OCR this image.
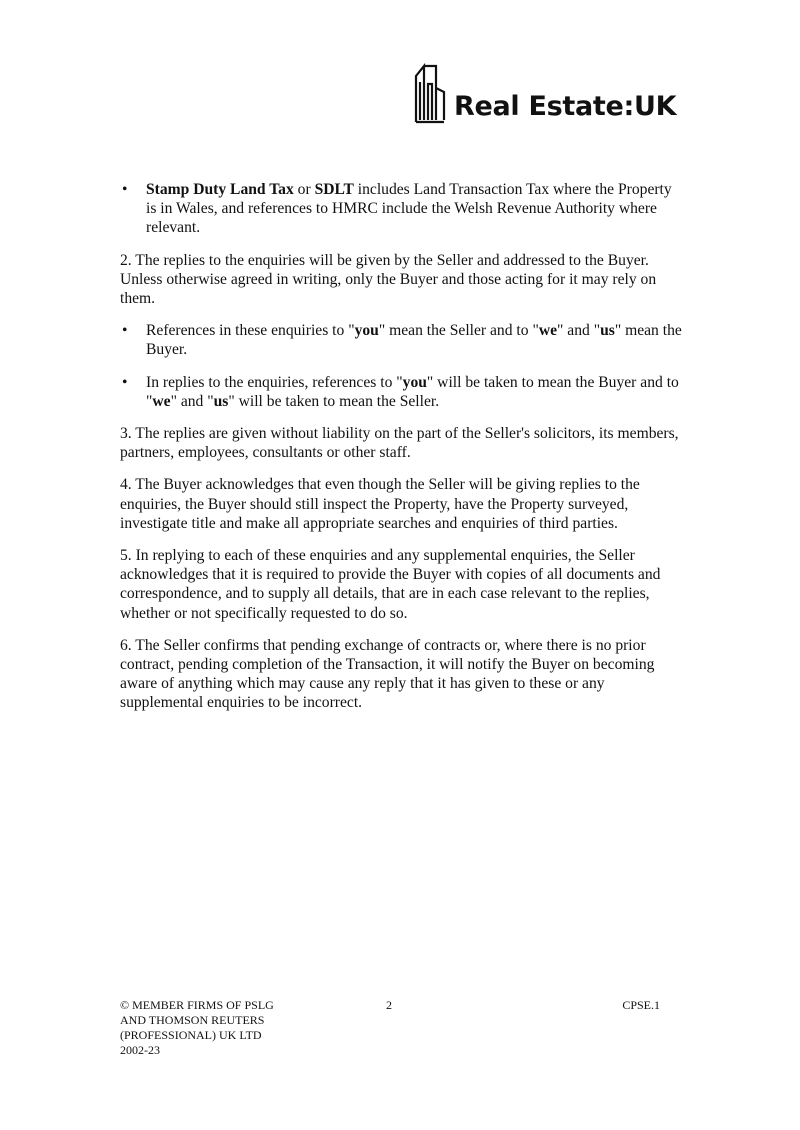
Real Estate:UK
• Stamp Duty Land Tax or SDLT includes Land Transaction Tax where the Property is in Wales, and references to HMRC include the Welsh Revenue Authority where relevant.

2. The replies to the enquiries will be given by the Seller and addressed to the Buyer. Unless otherwise agreed in writing, only the Buyer and those acting for it may rely on them.

• References in these enquiries to "you" mean the Seller and to "we" and "us" mean the Buyer.
• In replies to the enquiries, references to "you" will be taken to mean the Buyer and to "we" and "us" will be taken to mean the Seller.

3. The replies are given without liability on the part of the Seller's solicitors, its members, partners, employees, consultants or other staff.

4. The Buyer acknowledges that even though the Seller will be giving replies to the enquiries, the Buyer should still inspect the Property, have the Property surveyed, investigate title and make all appropriate searches and enquiries of third parties.

5. In replying to each of these enquiries and any supplemental enquiries, the Seller acknowledges that it is required to provide the Buyer with copies of all documents and correspondence, and to supply all details, that are in each case relevant to the replies, whether or not specifically requested to do so.

6. The Seller confirms that pending exchange of contracts or, where there is no prior contract, pending completion of the Transaction, it will notify the Buyer on becoming aware of anything which may cause any reply that it has given to these or any supplemental enquiries to be incorrect.

© MEMBER FIRMS OF PSLG
AND THOMSON REUTERS
(PROFESSIONAL) UK LTD
2002-23
2	CPSE.1
